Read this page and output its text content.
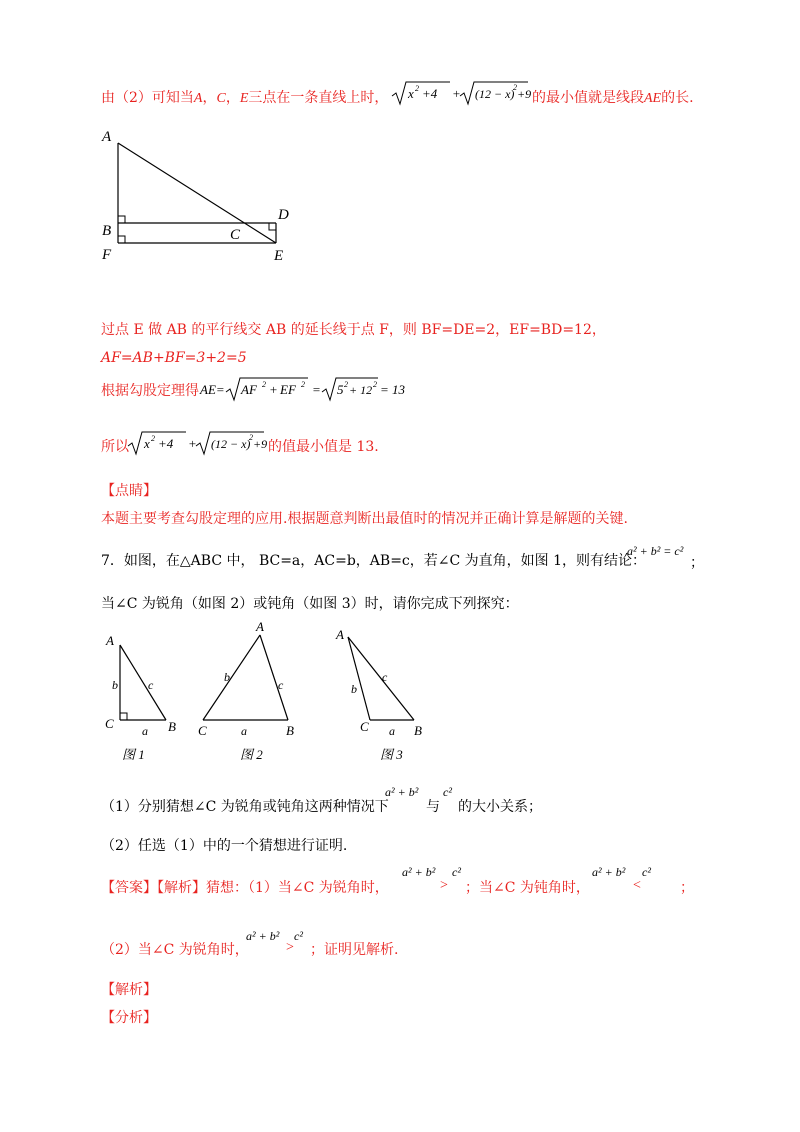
由（2）可知当A，C，E三点在一条直线上时， x 2 +4 + (12 − x)
2 +9 的最小值就是线段AE的长.
A
B
F
C
D
E
过点 E 做 AB 的平行线交 AB 的延长线于点 F，则 BF=DE=2，EF=BD=12，
AF=AB+BF=3+2=5
根据勾股定理得 AE= AF 2 + EF 2 = 5 2 + 12 2 = 13
所以 x 2 +4 + (12 − x)
2 +9 的值最小值是 13.
【点睛】
本题主要考查勾股定理的应用.根据题意判断出最值时的情况并正确计算是解题的关键.
7．如图，在△ABC 中， BC=a，AC=b，AB=c，若∠C 为直角，如图 1，则有结论：
a² + b² = c²
；
当∠C 为锐角（如图 2）或钝角（如图 3）时，请你完成下列探究：
A
b	c
C a B
图 1
A
b
c
C	a	B
图 2
A
b
c
C a B
图 3
（1）分别猜想∠C 为锐角或钝角这两种情况下
a² + b²
与
c²
的大小关系；
（2）任选（1）中的一个猜想进行证明.
【答案】【解析】猜想：（1）当∠C 为锐角时，
a² + b²
>
c²
；当∠C 为钝角时，
a² + b²
<
c²
；
（2）当∠C 为锐角时，
a² + b²
>
c²
；证明见解析.
【解析】
【分析】
